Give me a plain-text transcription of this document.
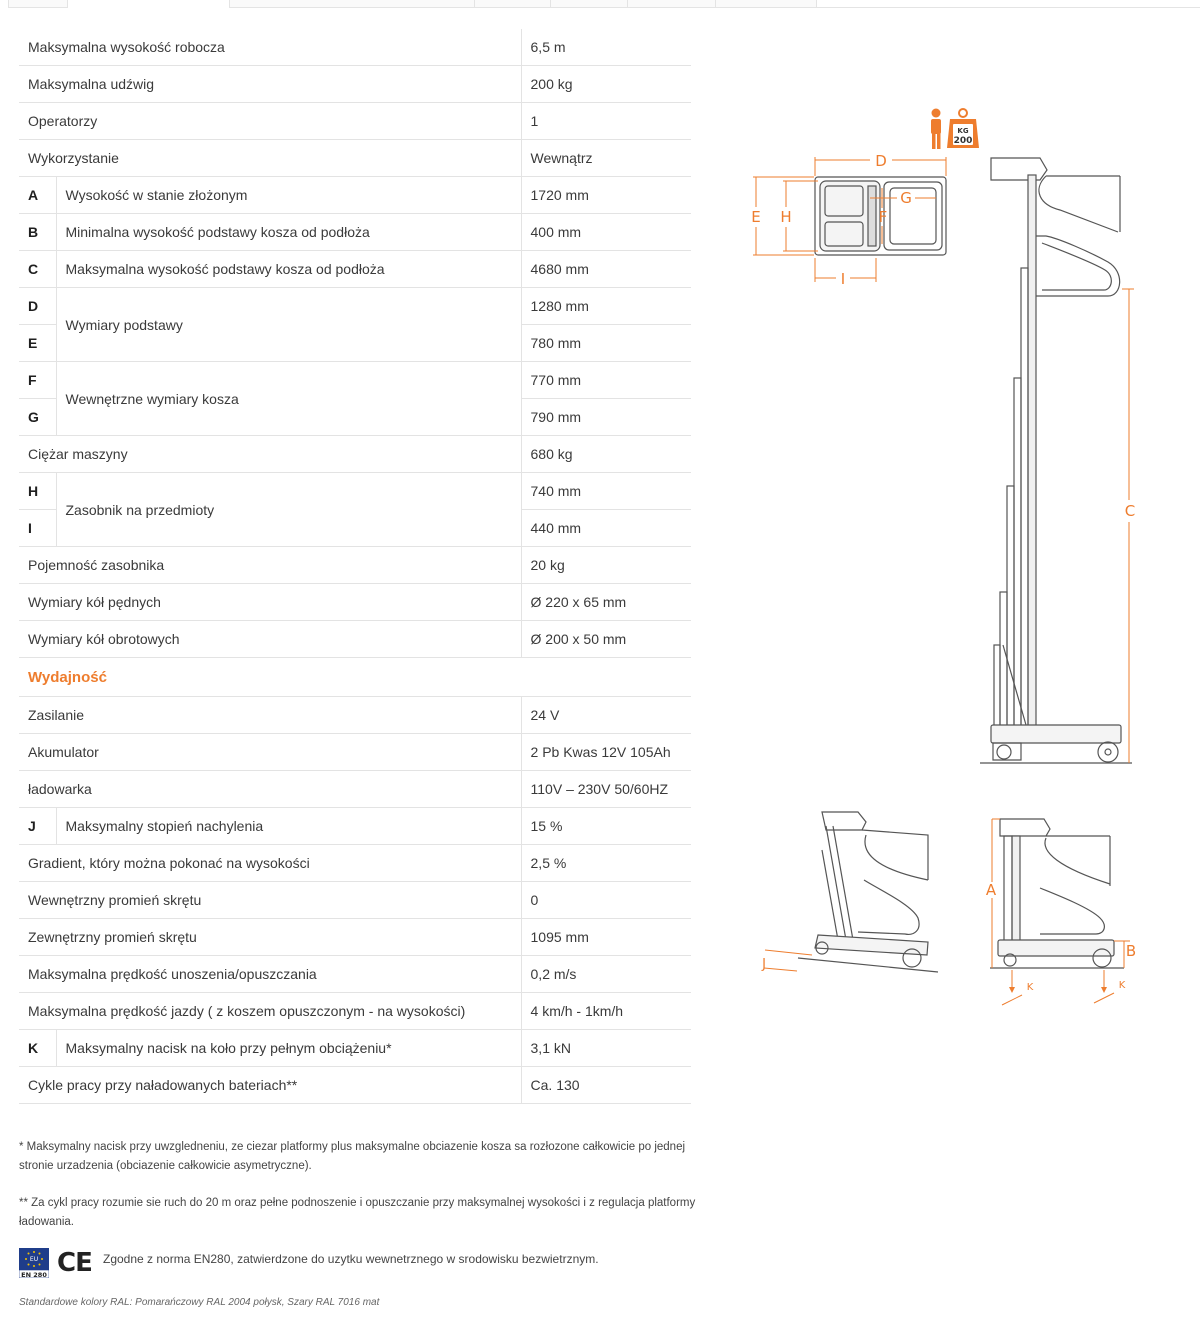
Maksymalna wysokość robocza		6,5 m
Maksymalna udźwig		200 kg
Operatorzy		1
Wykorzystanie		Wewnątrz
A	Wysokość w stanie złożonym	1720 mm
B	Minimalna wysokość podstawy kosza od podłoża	400 mm
C	Maksymalna wysokość podstawy kosza od podłoża	4680 mm
D	Wymiary podstawy	1280 mm
E		780 mm
F	Wewnętrzne wymiary kosza	770 mm
G		790 mm
Ciężar maszyny		680 kg
H	Zasobnik na przedmioty	740 mm
I		440 mm
Pojemność zasobnika		20 kg
Wymiary kół pędnych		Ø 220 x 65 mm
Wymiary kół obrotowych		Ø 200 x 50 mm
Wydajność		
Zasilanie		24 V
Akumulator		2 Pb Kwas 12V 105Ah
ładowarka		110V – 230V 50/60HZ
J	Maksymalny stopień nachylenia	15 %
Gradient, który można pokonać na wysokości		2,5 %
Wewnętrzny promień skrętu		0
Zewnętrzny promień skrętu		1095 mm
Maksymalna prędkość unoszenia/opuszczania		0,2 m/s
Maksymalna prędkość jazdy ( z koszem opuszczonym - na wysokości)		4 km/h - 1km/h
K	Maksymalny nacisk na koło przy pełnym obciążeniu*	3,1 kN
Cykle pracy przy naładowanych bateriach**		Ca. 130
* Maksymalny nacisk przy uwzgledneniu, ze ciezar platformy plus maksymalne obciazenie kosza sa rozłozone całkowicie po jednej stronie urzadzenia (obciazenie całkowicie asymetryczne).
** Za cykl pracy rozumie sie ruch do 20 m oraz pełne podnoszenie i opuszczanie przy maksymalnej wysokości i z regulacja platformy ładowania.
EU
EN 280 CE Zgodne z norma EN280, zatwierdzone do uzytku wewnetrznego w srodowisku bezwietrznym.
Standardowe kolory RAL: Pomarańczowy RAL 2004 połysk, Szary RAL 7016 mat
KG
200
D
E H	F
G
I
C
J
A
B
K	K
